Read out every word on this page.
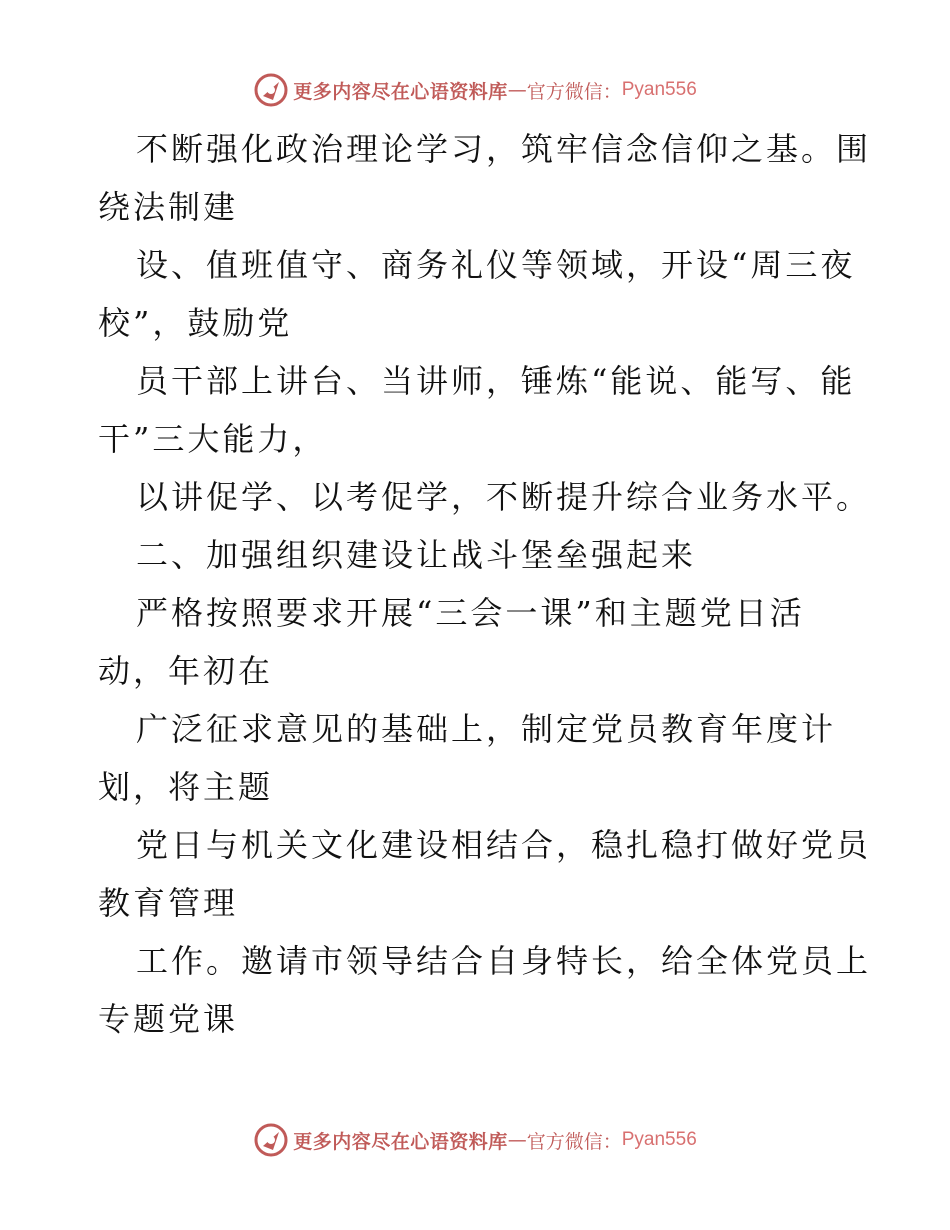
更多内容尽在心语资料库 — 官方微信： Pyan556
不断强化政治理论学习，筑牢信念信仰之基。围
绕法制建
设、值班值守、商务礼仪等领域，开设“周三夜
校”，鼓励党
员干部上讲台、当讲师，锤炼“能说、能写、能
干”三大能力，
以讲促学、以考促学，不断提升综合业务水平。
二、加强组织建设让战斗堡垒强起来
严格按照要求开展“三会一课”和主题党日活
动，年初在
广泛征求意见的基础上，制定党员教育年度计
划，将主题
党日与机关文化建设相结合，稳扎稳打做好党员
教育管理
工作。邀请市领导结合自身特长，给全体党员上
专题党课
更多内容尽在心语资料库 — 官方微信： Pyan556
